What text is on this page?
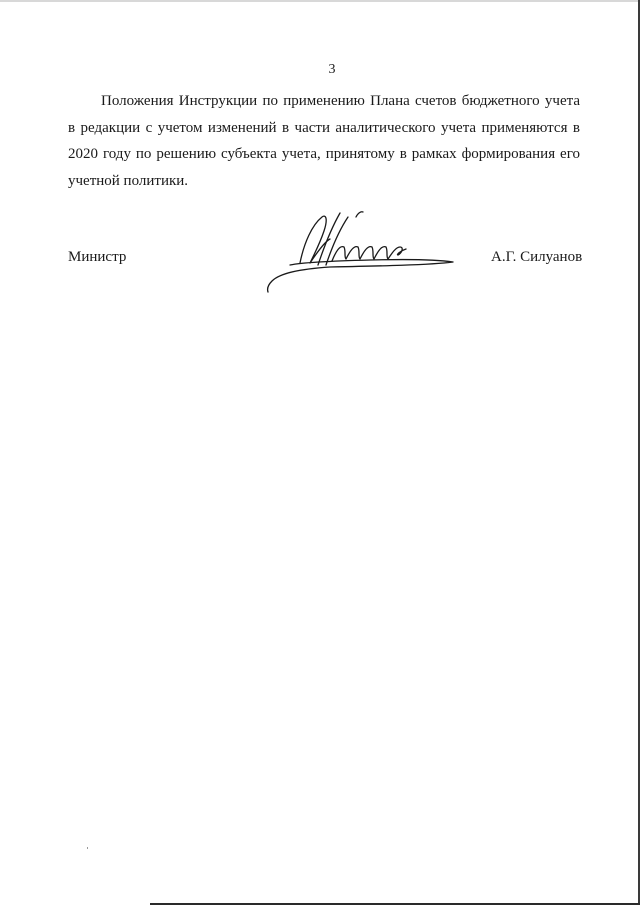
3

Положения Инструкции по применению Плана счетов бюджетного учета в редакции с учетом изменений в части аналитического учета применяются в 2020 году по решению субъекта учета, принятому в рамках формирования его учетной политики.

Министр	А.Г. Силуанов
